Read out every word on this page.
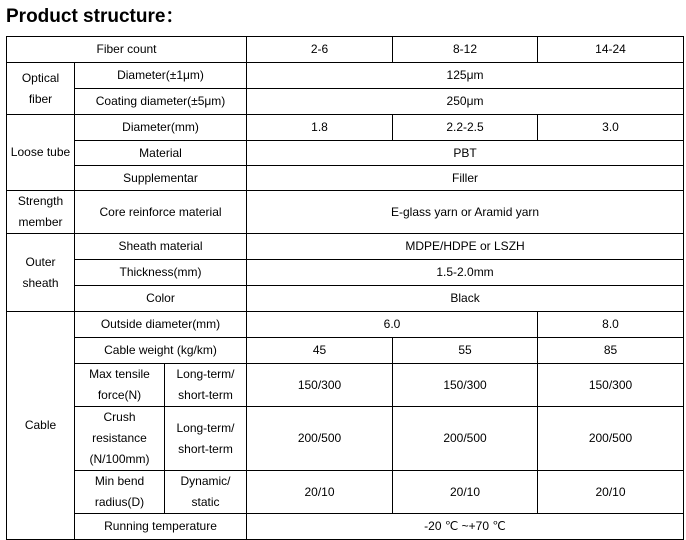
Product structure：
Fiber count			2-6	8-12	14-24
Optical fiber	Diameter(±1μm)		125μm		
	Coating diameter(±5μm)		250μm		
Loose tube	Diameter(mm)		1.8	2.2-2.5	3.0
	Material		PBT		
	Supplementar		Filler		
Strength member	Core reinforce material		E-glass yarn or Aramid yarn		
Outer sheath	Sheath material		MDPE/HDPE or LSZH		
	Thickness(mm)		1.5-2.0mm		
	Color		Black		
Cable	Outside diameter(mm)		6.0		8.0
	Cable weight (kg/km)		45	55	85
	Max tensile force(N)	Long-term/ short-term	150/300	150/300	150/300
	Crush resistance (N/100mm)	Long-term/ short-term	200/500	200/500	200/500
	Min bend radius(D)	Dynamic/ static	20/10	20/10	20/10
	Running temperature		-20 ℃ ~+70 ℃		
